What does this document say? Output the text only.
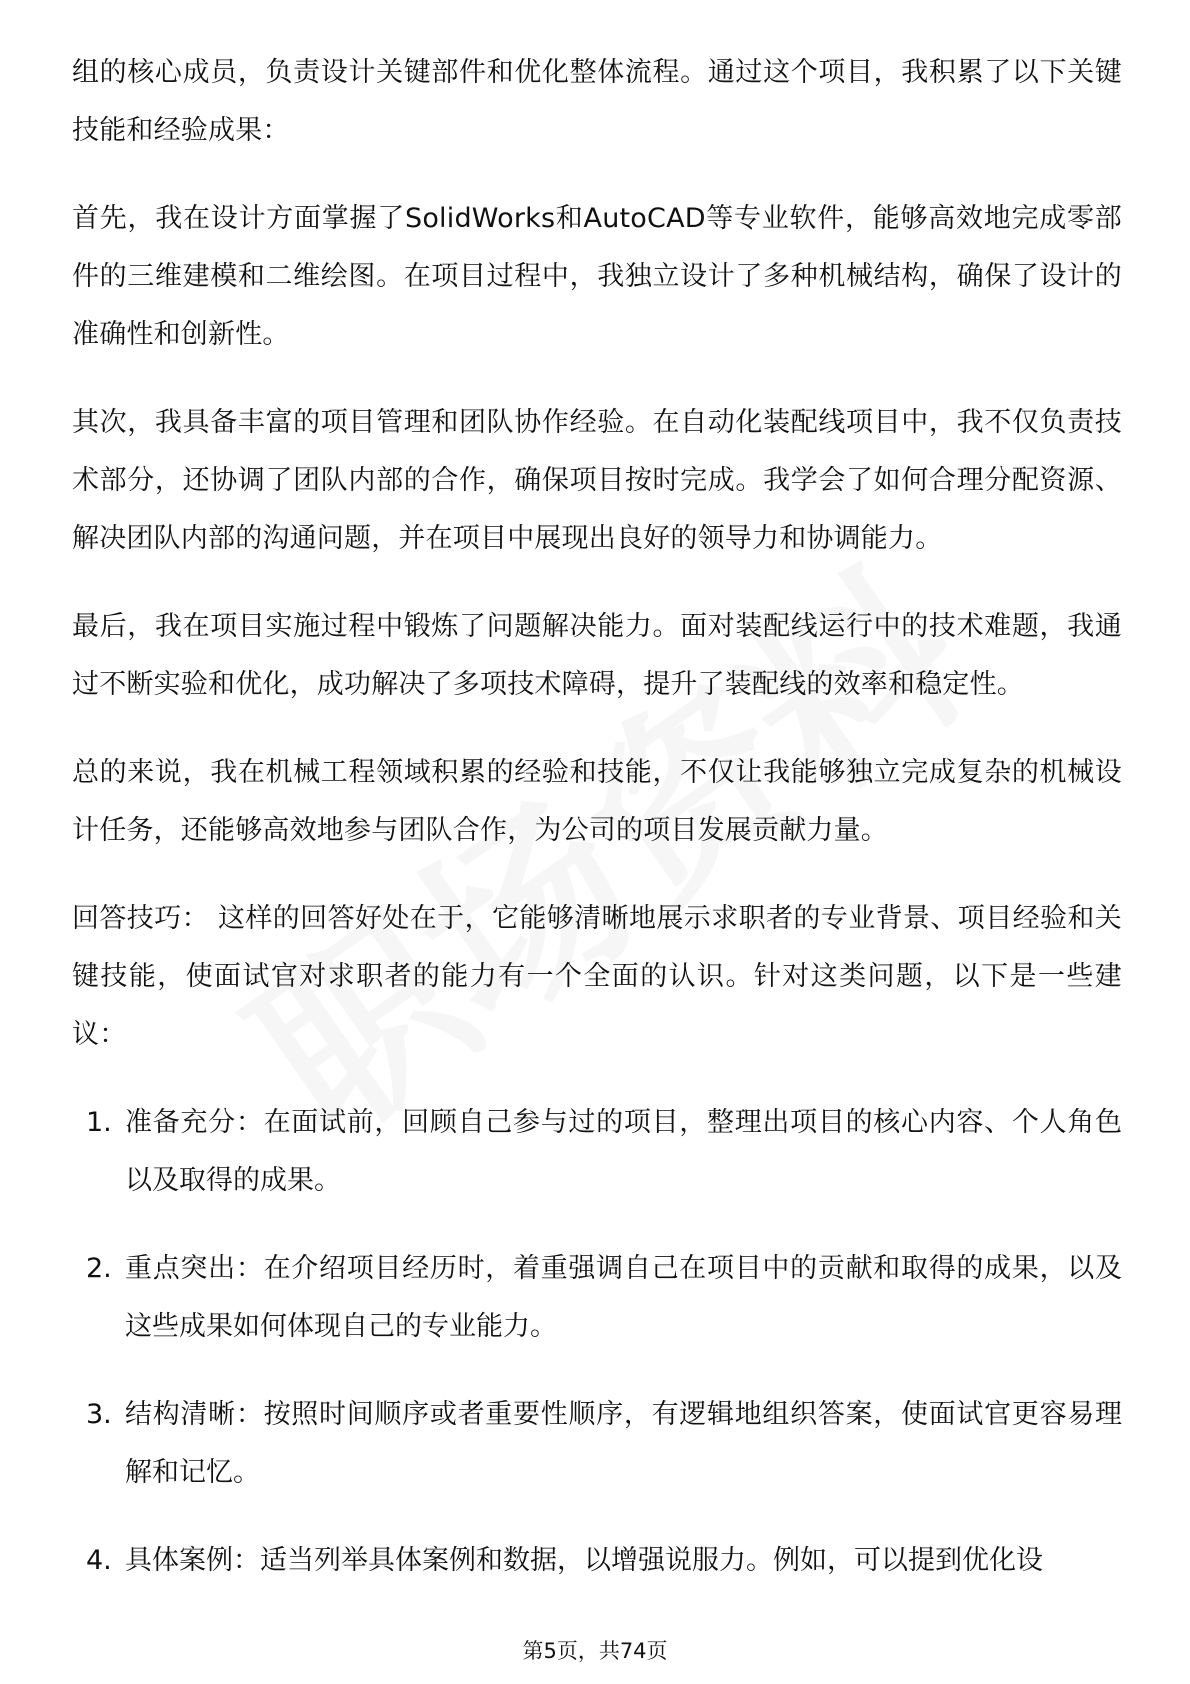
组的核心成员，负责设计关键部件和优化整体流程。通过这个项目，我积累了以下关键技能和经验成果：

首先，我在设计方面掌握了SolidWorks和AutoCAD等专业软件，能够高效地完成零部件的三维建模和二维绘图。在项目过程中，我独立设计了多种机械结构，确保了设计的准确性和创新性。

其次，我具备丰富的项目管理和团队协作经验。在自动化装配线项目中，我不仅负责技术部分，还协调了团队内部的合作，确保项目按时完成。我学会了如何合理分配资源、解决团队内部的沟通问题，并在项目中展现出良好的领导力和协调能力。

最后，我在项目实施过程中锻炼了问题解决能力。面对装配线运行中的技术难题，我通过不断实验和优化，成功解决了多项技术障碍，提升了装配线的效率和稳定性。

总的来说，我在机械工程领域积累的经验和技能，不仅让我能够独立完成复杂的机械设计任务，还能够高效地参与团队合作，为公司的项目发展贡献力量。

回答技巧： 这样的回答好处在于，它能够清晰地展示求职者的专业背景、项目经验和关键技能，使面试官对求职者的能力有一个全面的认识。针对这类问题，以下是一些建议：

1. 准备充分：在面试前，回顾自己参与过的项目，整理出项目的核心内容、个人角色以及取得的成果。
2. 重点突出：在介绍项目经历时，着重强调自己在项目中的贡献和取得的成果，以及这些成果如何体现自己的专业能力。
3. 结构清晰：按照时间顺序或者重要性顺序，有逻辑地组织答案，使面试官更容易理解和记忆。
4. 具体案例：适当列举具体案例和数据，以增强说服力。例如，可以提到优化设
第5页，共74页
